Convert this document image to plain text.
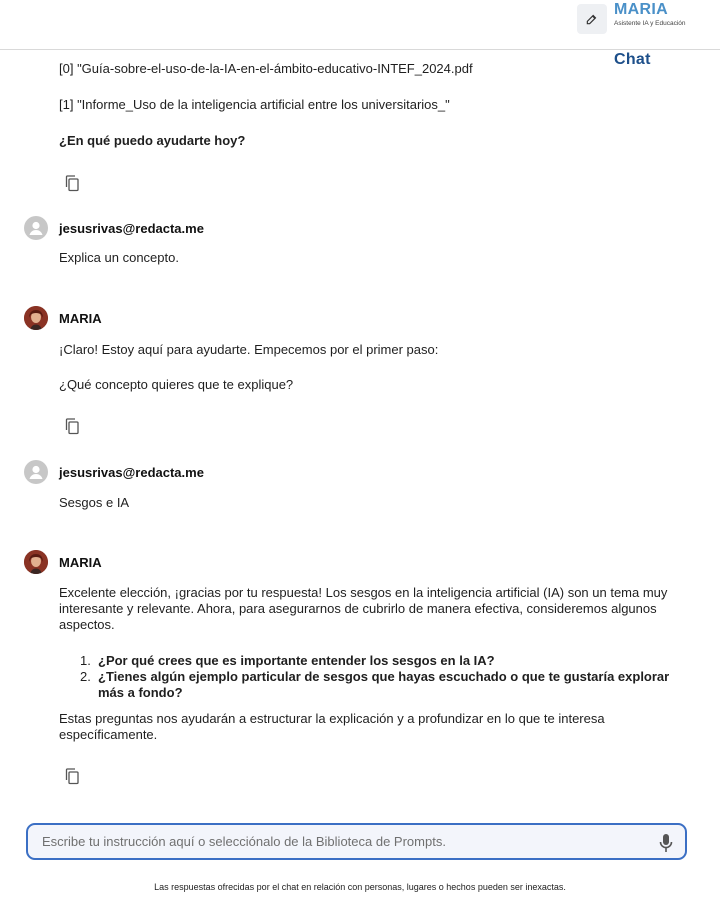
MARIA
Chat
Asistente IA y Educación
[0] "Guía-sobre-el-uso-de-la-IA-en-el-ámbito-educativo-INTEF_2024.pdf
[1] "Informe_Uso de la inteligencia artificial entre los universitarios_"
¿En qué puedo ayudarte hoy?
jesusrivas@redacta.me
Explica un concepto.
MARIA
¡Claro! Estoy aquí para ayudarte. Empecemos por el primer paso:
¿Qué concepto quieres que te explique?
jesusrivas@redacta.me
Sesgos e IA
MARIA
Excelente elección, ¡gracias por tu respuesta! Los sesgos en la inteligencia artificial (IA) son un tema muy interesante y relevante. Ahora, para asegurarnos de cubrirlo de manera efectiva, consideremos algunos aspectos.
1. ¿Por qué crees que es importante entender los sesgos en la IA?
2. ¿Tienes algún ejemplo particular de sesgos que hayas escuchado o que te gustaría explorar más a fondo?
Estas preguntas nos ayudarán a estructurar la explicación y a profundizar en lo que te interesa específicamente.
Escribe tu instrucción aquí o selecciónalo de la Biblioteca de Prompts.
Las respuestas ofrecidas por el chat en relación con personas, lugares o hechos pueden ser inexactas.
